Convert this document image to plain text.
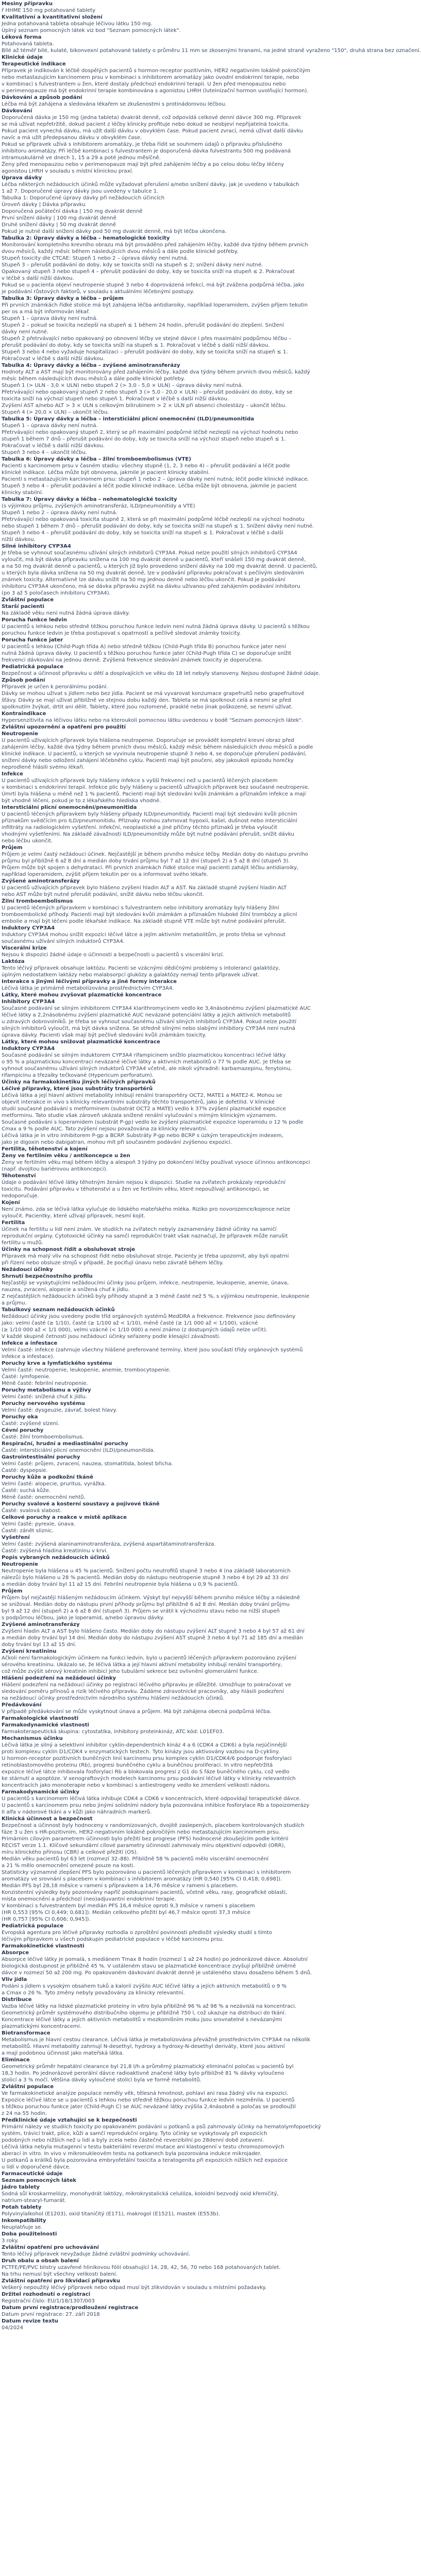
Mesiny přípravku
ř HHME 150 mg potahované tablety
Kvalitativní a kvantitativní složení
Jedna potahovaná tableta obsahuje léčivou látku 150 mg.
Úplný seznam pomocných látek viz bod "Seznam pomocných látek".
Léková forma
Potahovaná tableta.
Bílé až téměř bílé, kulaté, bikonvexní potahované tablety o průměru 11 mm se zkosenými hranami, na jedné straně vyraženo "150", druhá strana bez označení.
Klinické údaje
Terapeutické indikace
Přípravek je indikován k léčbě dospělých pacientů s hormon-receptor pozitivním, HER2 negativním lokálně pokročilým
nebo metastazujícím karcinomem prsu v kombinaci s inhibitorem aromatázy jako úvodní endokrinní terapie, nebo
v kombinaci s fulvestrantem u žen, které dostaly předchozí endokrinní terapii. U žen před menopauzou nebo
v perimenopauze má být endokrinní terapie kombinována s agonistou LHRH (luteinizační hormon uvolňující hormon).
Dávkování a způsob podání
Léčba má být zahájena a sledována lékařem se zkušenostmi s protinádorovou léčbou.
Dávkování
Doporučená dávka je 150 mg (jedna tableta) dvakrát denně, což odpovídá celkové denní dávce 300 mg. Přípravek
se má užívat nepřetržitě, dokud pacient z léčby klinicky profituje nebo dokud se neobjeví nepřijatelná toxicita.
Pokud pacient vynechá dávku, má užít další dávku v obvyklém čase. Pokud pacient zvrací, nemá užívat další dávku
navíc a má užít předepsanou dávku v obvyklém čase.
Pokud se přípravek užívá s inhibitorem aromatázy, je třeba řídit se souhrnem údajů o přípravku příslušného
inhibitoru aromatázy. Při léčbě kombinací s fulvestrantem je doporučená dávka fulvestrantu 500 mg podávaná
intramuskulárně ve dnech 1, 15 a 29 a poté jednou měsíčně.
Ženy před menopauzou nebo v perimenopauze mají být před zahájením léčby a po celou dobu léčby léčeny
agonistou LHRH v souladu s místní klinickou praxí.
Úprava dávky
Léčba některých nežádoucích účinků může vyžadovat přerušení a/nebo snížení dávky, jak je uvedeno v tabulkách
1 až 7. Doporučené úpravy dávky jsou uvedeny v tabulce 1.
Tabulka 1: Doporučené úpravy dávky při nežádoucích účincích
Úroveň dávky | Dávka přípravku
Doporučená počáteční dávka | 150 mg dvakrát denně
První snížení dávky | 100 mg dvakrát denně
Druhé snížení dávky | 50 mg dvakrát denně
Pokud je nutné další snížení dávky pod 50 mg dvakrát denně, má být léčba ukončena.
Tabulka 2: Úpravy dávky a léčba – hematologické toxicity
Monitorování kompletního krevního obrazu má být prováděno před zahájením léčby, každé dva týdny během prvních
dvou měsíců, každý měsíc během následujících dvou měsíců a dále podle klinické potřeby.
Stupeň toxicity dle CTCAE: Stupeň 1 nebo 2 – úprava dávky není nutná.
Stupeň 3 – přerušit podávání do doby, kdy se toxicita sníží na stupeň ≤ 2; snížení dávky není nutné.
Opakovaný stupeň 3 nebo stupeň 4 – přerušit podávání do doby, kdy se toxicita sníží na stupeň ≤ 2. Pokračovat
v léčbě s další nižší dávkou.
Pokud se u pacienta objeví neutropenie stupně 3 nebo 4 doprovázená infekcí, má být zvážena podpůrná léčba, jako
je podávání růstových faktorů, v souladu s aktuálními léčebnými postupy.
Tabulka 3: Úpravy dávky a léčba – průjem
Při prvních známkách řídké stolice má být zahájena léčba antidiaroiky, například loperamidem, zvýšen příjem tekutin
per os a má být informován lékař.
Stupeň 1 – úprava dávky není nutná.
Stupeň 2 – pokud se toxicita nezlepší na stupeň ≤ 1 během 24 hodin, přerušit podávání do zlepšení. Snížení
dávky není nutné.
Stupeň 2 přetrvávající nebo opakovaný po obnovení léčby ve stejné dávce i přes maximální podpůrnou léčbu –
přerušit podávání do doby, kdy se toxicita sníží na stupeň ≤ 1. Pokračovat v léčbě s další nižší dávkou.
Stupeň 3 nebo 4 nebo vyžaduje hospitalizaci – přerušit podávání do doby, kdy se toxicita sníží na stupeň ≤ 1.
Pokračovat v léčbě s další nižší dávkou.
Tabulka 4: Úpravy dávky a léčba – zvýšené aminotransferázy
Hodnoty ALT a AST mají být monitorovány před zahájením léčby, každé dva týdny během prvních dvou měsíců, každý
měsíc během následujících dvou měsíců a dále podle klinické potřeby.
Stupeň 1 (> ULN - 3,0 × ULN) nebo stupeň 2 (> 3,0 - 5,0 × ULN) – úprava dávky není nutná.
Přetrvávající nebo opakovaný stupeň 2 nebo stupeň 3 (> 5,0 - 20,0 × ULN) – přerušit podávání do doby, kdy se
toxicita sníží na výchozí stupeň nebo stupeň 1. Pokračovat v léčbě s další nižší dávkou.
Zvýšení AST a/nebo ALT > 3 × ULN s celkovým bilirubinem > 2 × ULN při absenci cholestázy – ukončit léčbu.
Stupeň 4 (> 20,0 × ULN) – ukončit léčbu.
Tabulka 5: Úpravy dávky a léčba – intersticiální plicní onemocnění (ILD)/pneumonitida
Stupeň 1 – úprava dávky není nutná.
Přetrvávající nebo opakovaný stupeň 2, který se při maximální podpůrné léčbě nezlepší na výchozí hodnotu nebo
stupeň 1 během 7 dnů – přerušit podávání do doby, kdy se toxicita sníží na výchozí stupeň nebo stupeň ≤ 1.
Pokračovat v léčbě s další nižší dávkou.
Stupeň 3 nebo 4 – ukončit léčbu.
Tabulka 6: Úpravy dávky a léčba – žilní tromboembolismus (VTE)
Pacienti s karcinomem prsu v časném stadiu: všechny stupně (1, 2, 3 nebo 4) – přerušit podávání a léčit podle
klinické indikace. Léčba může být obnovena, jakmile je pacient klinicky stabilní.
Pacienti s metastazujícím karcinomem prsu: stupeň 1 nebo 2 – úprava dávky není nutná; léčit podle klinické indikace.
Stupeň 3 nebo 4 – přerušit podávání a léčit podle klinické indikace. Léčba může být obnovena, jakmile je pacient
klinicky stabilní.
Tabulka 7: Úpravy dávky a léčba – nehematologické toxicity
(s výjimkou průjmu, zvýšených aminotransferáz, ILD/pneumonitidy a VTE)
Stupeň 1 nebo 2 – úprava dávky není nutná.
Přetrvávající nebo opakovaná toxicita stupně 2, která se při maximální podpůrné léčbě nezlepší na výchozí hodnotu
nebo stupeň 1 během 7 dnů – přerušit podávání do doby, kdy se toxicita sníží na stupeň ≤ 1. Snížení dávky není nutné.
Stupeň 3 nebo 4 – přerušit podávání do doby, kdy se toxicita sníží na stupeň ≤ 1. Pokračovat v léčbě s další
nižší dávkou.
Silné inhibitory CYP3A4
Je třeba se vyhnout současnému užívání silných inhibitorů CYP3A4. Pokud nelze použití silných inhibitorů CYP3A4
vyloučit, má být dávka přípravku snížena na 100 mg dvakrát denně u pacientů, kteří snášeli 150 mg dvakrát denně,
a na 50 mg dvakrát denně u pacientů, u kterých již bylo provedeno snížení dávky na 100 mg dvakrát denně. U pacientů,
u kterých byla dávka snížena na 50 mg dvakrát denně, lze v podávání přípravku pokračovat s pečlivým sledováním
známek toxicity. Alternativně lze dávku snížit na 50 mg jednou denně nebo léčbu ukončit. Pokud je podávání
inhibitoru CYP3A4 ukončeno, má se dávka přípravku zvýšit na dávku užívanou před zahájením podávání inhibitoru
(po 3 až 5 poločasech inhibitoru CYP3A4).
Zvláštní populace
Starší pacienti
Na základě věku není nutná žádná úprava dávky.
Porucha funkce ledvin
U pacientů s lehkou nebo středně těžkou poruchou funkce ledvin není nutná žádná úprava dávky. U pacientů s těžkou
poruchou funkce ledvin je třeba postupovat s opatrností a pečlivě sledovat známky toxicity.
Porucha funkce jater
U pacientů s lehkou (Child-Pugh třída A) nebo středně těžkou (Child-Pugh třída B) poruchou funkce jater není
nutná žádná úprava dávky. U pacientů s těžkou poruchou funkce jater (Child-Pugh třída C) se doporučuje snížit
frekvenci dávkování na jednou denně. Zvýšená frekvence sledování známek toxicity je doporučena.
Pediatrická populace
Bezpečnost a účinnost přípravku u dětí a dospívajících ve věku do 18 let nebyly stanoveny. Nejsou dostupné žádné údaje.
Způsob podání
Přípravek je určen k perorálnímu podání.
Dávky se mohou užívat s jídlem nebo bez jídla. Pacient se má vyvarovat konzumace grapefruitů nebo grapefruitové
šťávy. Dávky se mají užívat přibližně ve stejnou dobu každý den. Tableta se má spolknout celá a nesmí se před
spolknutím žvýkat, drtit ani dělit. Tablety, které jsou rozlomené, prasklé nebo jinak poškozené, se nesmí užívat.
Kontraindikace
Hypersenzitivita na léčivou látku nebo na kteroukoli pomocnou látku uvedenou v bodě "Seznam pomocných látek".
Zvláštní upozornění a opatření pro použití
Neutropenie
U pacientů užívajících přípravek byla hlášena neutropenie. Doporučuje se provádět kompletní krevní obraz před
zahájením léčby, každé dva týdny během prvních dvou měsíců, každý měsíc během následujících dvou měsíců a podle
klinické indikace. U pacientů, u kterých se vyvinula neutropenie stupně 3 nebo 4, se doporučuje přerušení podávání,
snížení dávky nebo odložení zahájení léčebného cyklu. Pacienti mají být poučeni, aby jakoukoli epizodu horečky
neprodleně hlásili svému lékaři.
Infekce
U pacientů užívajících přípravek byly hlášeny infekce s vyšší frekvencí než u pacientů léčených placebem
v kombinaci s endokrinní terapií. Infekce plic byly hlášeny u pacientů užívajících přípravek bez současné neutropenie.
Úmrtí byla hlášena u méně než 1 % pacientů. Pacienti mají být sledováni kvůli známkám a příznakům infekce a mají
být vhodně léčeni, pokud je to z lékařského hlediska vhodné.
Intersticiální plicní onemocnění/pneumonitida
U pacientů léčených přípravkem byly hlášeny případy ILD/pneumonitidy. Pacienti mají být sledováni kvůli plicním
příznakům svědčícím pro ILD/pneumonitidu. Příznaky mohou zahrnovat hypoxii, kašel, dušnost nebo intersticiální
infiltráty na radiologickém vyšetření. Infekční, neoplastické a jiné příčiny těchto příznaků je třeba vyloučit
vhodnými vyšetřeními. Na základě závažnosti ILD/pneumonitidy může být nutné podávání přerušit, snížit dávku
nebo léčbu ukončit.
Průjem
Průjem je velmi častý nežádoucí účinek. Nejčastější je během prvního měsíce léčby. Medián doby do nástupu prvního
průjmu byl přibližně 6 až 8 dní a medián doby trvání průjmu byl 7 až 12 dní (stupeň 2) a 5 až 8 dní (stupeň 3).
Průjem může být spojen s dehydratací. Při prvních známkách řídké stolice mají pacienti zahájit léčbu antidiaroiky,
například loperamidem, zvýšit příjem tekutin per os a informovat svého lékaře.
Zvýšené aminotransferázy
U pacientů užívajících přípravek bylo hlášeno zvýšení hladin ALT a AST. Na základě stupně zvýšení hladin ALT
nebo AST může být nutné přerušit podávání, snížit dávku nebo léčbu ukončit.
Žilní tromboembolismus
U pacientů léčených přípravkem v kombinaci s fulvestrantem nebo inhibitory aromatázy byly hlášeny žilní
tromboembolické příhody. Pacienti mají být sledováni kvůli známkám a příznakům hluboké žilní trombózy a plicní
embolie a mají být léčeni podle lékařské indikace. Na základě stupně VTE může být nutné podávání přerušit.
Induktory CYP3A4
Induktory CYP3A4 mohou snížit expozici léčivé látce a jejím aktivním metabolitům, je proto třeba se vyhnout
současnému užívání silných induktorů CYP3A4.
Viscerální krize
Nejsou k dispozici žádné údaje o účinnosti a bezpečnosti u pacientů s viscerální krizí.
Laktóza
Tento léčivý přípravek obsahuje laktózu. Pacienti se vzácnými dědičnými problémy s intolerancí galaktózy,
úplným nedostatkem laktázy nebo malabsorpcí glukózy a galaktózy nemají tento přípravek užívat.
Interakce s jinými léčivými přípravky a jiné formy interakce
Léčivá látka je primárně metabolizována prostřednictvím CYP3A4.
Látky, které mohou zvyšovat plazmatické koncentrace
Inhibitory CYP3A4
Současné podávání se silným inhibitorem CYP3A4 klarithromycinem vedlo ke 3,4násobnému zvýšení plazmatické AUC
léčivé látky a 2,2násobnému zvýšení plazmatické AUC nevázané potenciální látky a jejích aktivních metabolitů
u zdravých dobrovolníků. Je třeba se vyhnout současnému užívání silných inhibitorů CYP3A4. Pokud nelze použití
silných inhibitorů vyloučit, má být dávka snížena. Se středně silnými nebo slabými inhibitory CYP3A4 není nutná
úprava dávky. Pacienti však mají být pečlivě sledováni kvůli známkám toxicity.
Látky, které mohou snižovat plazmatické koncentrace
Induktory CYP3A4
Současné podávání se silným induktorem CYP3A4 rifampicinem snížilo plazmatickou koncentraci léčivé látky
o 95 % a plazmatickou koncentraci nevázané léčivé látky a aktivních metabolitů o 77 % podle AUC. Je třeba se
vyhnout současnému užívání silných induktorů CYP3A4 včetně, ale nikoli výhradně: karbamazepinu, fenytoinu,
rifampicinu a třezalky tečkované (Hypericum perforatum).
Účinky na farmakokinetiku jiných léčivých přípravků
Léčivé přípravky, které jsou substráty transportérů
Léčivá látka a její hlavní aktivní metabolity inhibují renální transportéry OCT2, MATE1 a MATE2-K. Mohou se
objevit interakce in vivo s klinicky relevantními substráty těchto transportérů, jako je dofetilid. V klinické
studii současné podávání s metforminem (substrát OCT2 a MATE) vedlo k 37% zvýšení plazmatické expozice
metforminu. Tato studie však zároveň ukázala snížené renální vylučování s mírným klinickým významem.
Současné podávání s loperamidem (substrát P-gp) vedlo ke zvýšení plazmatické expozice loperamidu o 12 % podle
Cmax a 9 % podle AUC. Tato zvýšení nejsou považována za klinicky relevantní.
Léčivá látka je in vitro inhibitorem P-gp a BCRP. Substráty P-gp nebo BCRP s úzkým terapeutickým indexem,
jako je digoxin nebo dabigatran, mohou mít při současném podávání zvýšenou expozici.
Fertilita, těhotenství a kojení
Ženy ve fertilním věku / antikoncepce u žen
Ženy ve fertilním věku mají během léčby a alespoň 3 týdny po dokončení léčby používat vysoce účinnou antikoncepci
(např. dvojitou bariérovou antikoncepci).
Těhotenství
Údaje o podávání léčivé látky těhotným ženám nejsou k dispozici. Studie na zvířatech prokázaly reprodukční
toxicitu. Podávání přípravku v těhotenství a u žen ve fertilním věku, které nepoužívají antikoncepci, se
nedoporučuje.
Kojení
Není známo, zda se léčivá látka vylučuje do lidského mateřského mléka. Riziko pro novorozence/kojence nelze
vyloučit. Pacientky, které užívají přípravek, nesmí kojit.
Fertilita
Účinek na fertilitu u lidí není znám. Ve studiích na zvířatech nebyly zaznamenány žádné účinky na samičí
reprodukční orgány. Cytotoxické účinky na samčí reprodukční trakt však naznačují, že přípravek může narušit
fertilitu u mužů.
Účinky na schopnost řídit a obsluhovat stroje
Přípravek má malý vliv na schopnost řídit nebo obsluhovat stroje. Pacienty je třeba upozornit, aby byli opatrní
při řízení nebo obsluze strojů v případě, že pociťují únavu nebo závratě během léčby.
Nežádoucí účinky
Shrnutí bezpečnostního profilu
Nejčastěji se vyskytujícími nežádoucími účinky jsou průjem, infekce, neutropenie, leukopenie, anemie, únava,
nauzea, zvracení, alopecie a snížená chuť k jídlu.
Z nejčastějších nežádoucích účinků byly příhody stupně ≥ 3 méně časté než 5 %, s výjimkou neutropenie, leukopenie
a průjmu.
Tabulkový seznam nežádoucích účinků
Nežádoucí účinky jsou uvedeny podle tříd orgánových systémů MedDRA a frekvence. Frekvence jsou definovány
jako: velmi časté (≥ 1/10), časté (≥ 1/100 až < 1/10), méně časté (≥ 1/1 000 až < 1/100), vzácné
(≥ 1/10 000 až < 1/1 000), velmi vzácné (< 1/10 000) a není známo (z dostupných údajů nelze určit).
V každé skupině četností jsou nežádoucí účinky seřazeny podle klesající závažnosti.
Infekce a infestace
Velmi časté: infekce (zahrnuje všechny hlášené preferované termíny, které jsou součástí třídy orgánových systémů
infekce a infestace).
Poruchy krve a lymfatického systému
Velmi časté: neutropenie, leukopenie, anemie, trombocytopenie.
Časté: lymfopenie.
Méně časté: febrilní neutropenie.
Poruchy metabolismu a výživy
Velmi časté: snížená chuť k jídlu.
Poruchy nervového systému
Velmi časté: dysgeuzie, závrať, bolest hlavy.
Poruchy oka
Časté: zvýšené slzení.
Cévní poruchy
Časté: žilní tromboembolismus.
Respirační, hrudní a mediastinální poruchy
Časté: intersticiální plicní onemocnění (ILD)/pneumonitida.
Gastrointestinální poruchy
Velmi časté: průjem, zvracení, nauzea, stomatitida, bolest břicha.
Časté: dyspepsie.
Poruchy kůže a podkožní tkáně
Velmi časté: alopecie, pruritus, vyrážka.
Časté: suchá kůže.
Méně časté: onemocnění nehtů.
Poruchy svalové a kosterní soustavy a pojivové tkáně
Časté: svalová slabost.
Celkové poruchy a reakce v místě aplikace
Velmi časté: pyrexie, únava.
Časté: zánět sliznic.
Vyšetření
Velmi časté: zvýšená alaninaminotransferáza, zvýšená aspartátaminotransferáza.
Časté: zvýšená hladina kreatininu v krvi.
Popis vybraných nežádoucích účinků
Neutropenie
Neutropenie byla hlášena u 45 % pacientů. Snížení počtu neutrofilů stupně 3 nebo 4 (na základě laboratorních
nálezů) bylo hlášeno u 28 % pacientů. Medián doby do nástupu neutropenie stupně 3 nebo 4 byl 29 až 33 dní
a medián doby trvání byl 11 až 15 dní. Febrilní neutropenie byla hlášena u 0,9 % pacientů.
Průjem
Průjem byl nejčastěji hlášeným nežádoucím účinkem. Výskyt byl nejvyšší během prvního měsíce léčby a následně
se snižoval. Medián doby do nástupu první příhody průjmu byl přibližně 6 až 8 dní. Medián doby trvání průjmu
byl 9 až 12 dní (stupeň 2) a 6 až 8 dní (stupeň 3). Průjem se vrátil k výchozímu stavu nebo na nižší stupeň
s podpůrnou léčbou, jako je loperamid, a/nebo úpravou dávky.
Zvýšené aminotransferázy
Zvýšení hladin ALT a AST bylo hlášeno často. Medián doby do nástupu zvýšení ALT stupně 3 nebo 4 byl 57 až 61 dní
a medián doby trvání byl 14 dní. Medián doby do nástupu zvýšení AST stupně 3 nebo 4 byl 71 až 185 dní a medián
doby trvání byl 13 až 15 dní.
Zvýšení kreatininu
Ačkoli není farmakologickým účinkem na funkci ledvin, bylo u pacientů léčených přípravkem pozorováno zvýšení
sérového kreatininu. Ukázalo se, že léčivá látka a její hlavní aktivní metabolity inhibují renální transportéry,
což může zvýšit sérový kreatinin inhibicí jeho tubulární sekrece bez ovlivnění glomerulární funkce.
Hlášení podezření na nežádoucí účinky
Hlášení podezření na nežádoucí účinky po registraci léčivého přípravku je důležité. Umožňuje to pokračovat ve
sledování poměru přínosů a rizik léčivého přípravku. Žádáme zdravotnické pracovníky, aby hlásili podezření
na nežádoucí účinky prostřednictvím národního systému hlášení nežádoucích účinků.
Předávkování
V případě předávkování se může vyskytnout únava a průjem. Má být zahájena obecná podpůrná léčba.
Farmakologické vlastnosti
Farmakodynamické vlastnosti
Farmakoterapeutická skupina: cytostatika, inhibitory proteinkináz, ATC kód: L01EF03.
Mechanismus účinku
Léčivá látka je silný a selektivní inhibitor cyklin-dependentních kináz 4 a 6 (CDK4 a CDK6) a byla nejúčinnější
proti komplexu cyklin D1/CDK4 v enzymatických testech. Tyto kinázy jsou aktivovány vazbou na D-cykliny.
U hormon-receptor pozitivních buněčných linií karcinomu prsu komplex cyklin D1/CDK4/6 podporuje fosforylaci
retinoblastomového proteinu (Rb), progresi buněčného cyklu a buněčnou proliferaci. In vitro nepřetržitá
expozice léčivé látce inhibovala fosforylaci Rb a blokovala progresi z G1 do S fáze buněčného cyklu, což vedlo
ke stárnutí a apoptóze. V xenograftových modelech karcinomu prsu podávání léčivé látky v klinicky relevantních
koncentracích jako monoterapie nebo v kombinaci s antiestrogeny vedlo ke zmenšení velikosti nádoru.
Farmakodynamické účinky
U pacientů s karcinomem léčivá látka inhibuje CDK4 a CDK6 v koncentracích, které odpovídají terapeutické dávce.
U pacientů s karcinomem prsu nebo jinými solidními nádory byla pozorována inhibice fosforylace Rb a topoizomerázy
II alfa v nádorové tkáni a v kůži jako náhradních markerů.
Klinická účinnost a bezpečnost
Bezpečnost a účinnost byly hodnoceny v randomizovaných, dvojitě zaslepených, placebem kontrolovaných studiích
fáze 3 u žen s HR-pozitivním, HER2-negativním lokálně pokročilým nebo metastazujícím karcinomem prsu.
Primárním cílovým parametrem účinnosti bylo přežití bez progrese (PFS) hodnocené zkoušejícím podle kritérií
RECIST verze 1.1. Klíčové sekundární cílové parametry účinnosti zahrnovaly míru objektivní odpovědi (ORR),
míru klinického přínosu (CBR) a celkové přežití (OS).
Medián věku pacientů byl 63 let (rozmezí 32–88). Přibližně 58 % pacientů mělo viscerální onemocnění
a 21 % mělo onemocnění omezené pouze na kosti.
Statisticky významné zlepšení PFS bylo pozorováno u pacientů léčených přípravkem v kombinaci s inhibitorem
aromatázy ve srovnání s placebem v kombinaci s inhibitorem aromatázy (HR 0,540 [95% CI 0,418; 0,698]).
Medián PFS byl 28,18 měsíce v rameni s přípravkem a 14,76 měsíce v rameni s placebem.
Konzistentní výsledky byly pozorovány napříč podskupinami pacientů, včetně věku, rasy, geografické oblasti,
místa onemocnění a předchozí (neo)adjuvantní endokrinní terapie.
V kombinaci s fulvestrantem byl medián PFS 16,4 měsíce oproti 9,3 měsíce v rameni s placebem
(HR 0,553 [95% CI 0,449; 0,681]). Medián celkového přežití byl 46,7 měsíce oproti 37,3 měsíce
(HR 0,757 [95% CI 0,606; 0,945]).
Pediatrická populace
Evropská agentura pro léčivé přípravky rozhodla o zproštění povinnosti předložit výsledky studií s tímto
léčivým přípravkem u všech podskupin pediatrické populace v léčbě karcinomu prsu.
Farmakokinetické vlastnosti
Absorpce
Absorpce léčivé látky je pomalá, s mediánem Tmax 8 hodin (rozmezí 1 až 24 hodin) po jednorázové dávce. Absolutní
biologická dostupnost je přibližně 45 %. V ustáleném stavu se plazmatické koncentrace zvyšují přibližně úměrně
dávce v rozmezí 50 až 200 mg. Po opakovaném dávkování dvakrát denně je ustáleného stavu dosaženo během 5 dnů.
Vliv jídla
Podání s jídlem s vysokým obsahem tuků a kalorií zvýšilo AUC léčivé látky a jejích aktivních metabolitů o 9 %
a Cmax o 26 %. Tyto změny nebyly považovány za klinicky relevantní.
Distribuce
Vazba léčivé látky na lidské plazmatické proteiny in vitro byla přibližně 96 % až 98 % a nezávislá na koncentraci.
Geometrický průměr systémového distribučního objemu je přibližně 750 l, což ukazuje na distribuci do tkání.
Koncentrace léčivé látky a jejích aktivních metabolitů v mozkomíšním moku jsou srovnatelné s nevázanými
plazmatickými koncentracemi.
Biotransformace
Metabolismus je hlavní cestou clearance. Léčivá látka je metabolizována převážně prostřednictvím CYP3A4 na několik
metabolitů. Hlavní metabolity zahrnují N-desethyl, hydroxy a hydroxy-N-desethyl deriváty, které jsou aktivní
a mají podobnou účinnost jako mateřská látka.
Eliminace
Geometrický průměr hepatální clearance byl 21,8 l/h a průměrný plazmatický eliminační poločas u pacientů byl
18,3 hodin. Po jednorázové perorální dávce radioaktivně značené látky bylo přibližně 81 % dávky vyloučeno
stolicí a 3 % močí. Většina dávky vyloučené stolicí byla ve formě metabolitů.
Zvláštní populace
Ve farmakokinetické analýze populace neměly věk, tělesná hmotnost, pohlaví ani rasa žádný vliv na expozici.
Expozice léčivé látce se u pacientů s lehkou nebo středně těžkou poruchou funkce ledvin nezměnila. U pacientů
s těžkou poruchou funkce jater (Child-Pugh C) se AUC nevázané látky zvýšila 2,4násobně a poločas se prodloužil
z 24 na 55 hodin.
Předklinické údaje vztahující se k bezpečnosti
Primární nálezy ve studiích toxicity po opakovaném podávání u potkanů a psů zahrnovaly účinky na hematolymfopoetický
systém, trávicí trakt, plíce, kůži a samčí reprodukční orgány. Tyto účinky se vyskytovaly při expozicích
podobných nebo nižších než u lidí a byly zcela nebo částečně reverzibilní po 28denní době zotavení.
Léčivá látka nebyla mutagenní v testu bakteriální reverzní mutace ani klastogenní v testu chromozomových
aberací in vitro. In vivo v mikronukleovém testu na potkanech byla pozorována indukce mikrojader.
U potkanů a králíků byla pozorována embryofetální toxicita a teratogenita při expozicích nižších než expozice
u lidí v doporučené dávce.
Farmaceutické údaje
Seznam pomocných látek
Jádro tablety
Sodná sůl kroskarmelózy, monohydrát laktózy, mikrokrystalická celulóza, koloidní bezvodý oxid křemičitý,
natrium-stearyl-fumarát.
Potah tablety
Polyvinylalkohol (E1203), oxid titaničitý (E171), makrogol (E1521), mastek (E553b).
Inkompatibility
Neuplatňuje se.
Doba použitelnosti
3 roky.
Zvláštní opatření pro uchovávání
Tento léčivý přípravek nevyžaduje žádné zvláštní podmínky uchovávání.
Druh obalu a obsah balení
PCTFE/PE/PVC blistry uzavřené hliníkovou fólií obsahující 14, 28, 42, 56, 70 nebo 168 potahovaných tablet.
Na trhu nemusí být všechny velikosti balení.
Zvláštní opatření pro likvidaci přípravku
Veškerý nepoužitý léčivý přípravek nebo odpad musí být zlikvidován v souladu s místními požadavky.
Držitel rozhodnutí o registraci
Registrační číslo: EU/1/18/1307/003
Datum první registrace/prodloužení registrace
Datum první registrace: 27. září 2018
Datum revize textu
04/2024
